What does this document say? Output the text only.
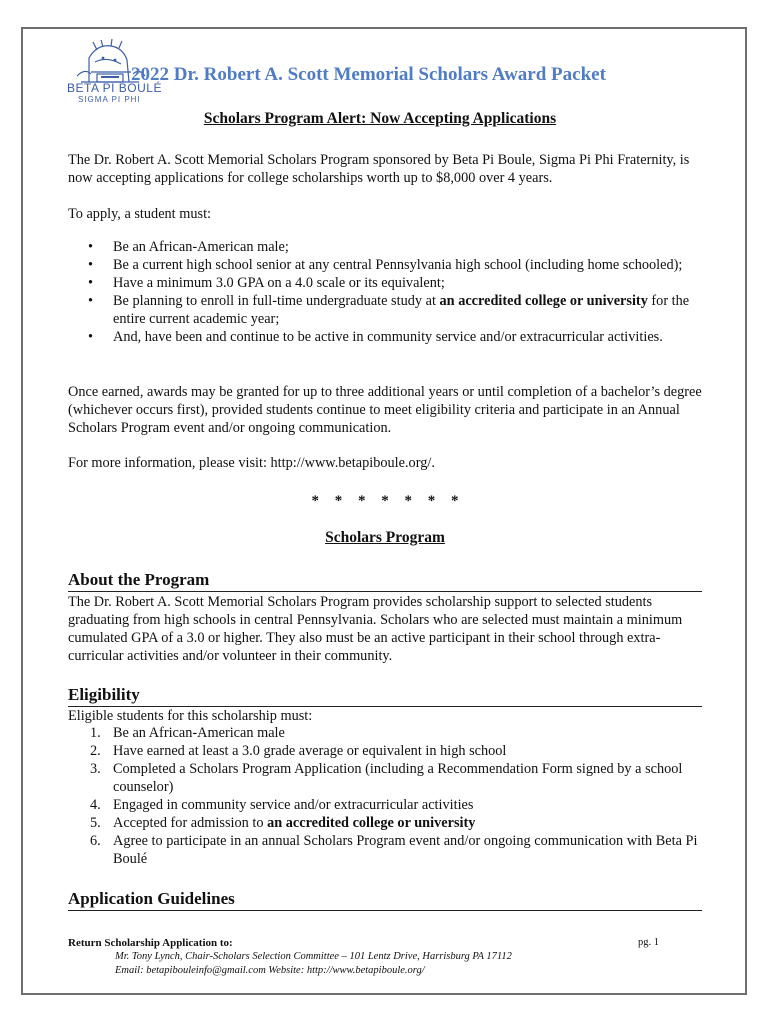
BETA PI BOULÉ
SIGMA PI PHI
2022 Dr. Robert A. Scott Memorial Scholars Award Packet
Scholars Program Alert: Now Accepting Applications
The Dr. Robert A. Scott Memorial Scholars Program sponsored by Beta Pi Boule, Sigma Pi Phi Fraternity, is now accepting applications for college scholarships worth up to $8,000 over 4 years.
To apply, a student must:
• Be an African-American male;
• Be a current high school senior at any central Pennsylvania high school (including home schooled);
• Have a minimum 3.0 GPA on a 4.0 scale or its equivalent;
• Be planning to enroll in full-time undergraduate study at an accredited college or university for the entire current academic year;
• And, have been and continue to be active in community service and/or extracurricular activities.
Once earned, awards may be granted for up to three additional years or until completion of a bachelor’s degree (whichever occurs first), provided students continue to meet eligibility criteria and participate in an Annual Scholars Program event and/or ongoing communication.
For more information, please visit: http://www.betapiboule.org/.
* * * * * * *
Scholars Program
About the Program
The Dr. Robert A. Scott Memorial Scholars Program provides scholarship support to selected students graduating from high schools in central Pennsylvania. Scholars who are selected must maintain a minimum cumulated GPA of a 3.0 or higher. They also must be an active participant in their school through extra-curricular activities and/or volunteer in their community.
Eligibility
Eligible students for this scholarship must:
1. Be an African-American male
2. Have earned at least a 3.0 grade average or equivalent in high school
3. Completed a Scholars Program Application (including a Recommendation Form signed by a school counselor)
4. Engaged in community service and/or extracurricular activities
5. Accepted for admission to an accredited college or university
6. Agree to participate in an annual Scholars Program event and/or ongoing communication with Beta Pi Boulé
Application Guidelines
Return Scholarship Application to:
Mr. Tony Lynch, Chair-Scholars Selection Committee – 101 Lentz Drive, Harrisburg PA 17112
Email: betapibouleinfo@gmail.com Website: http://www.betapiboule.org/
pg. 1
